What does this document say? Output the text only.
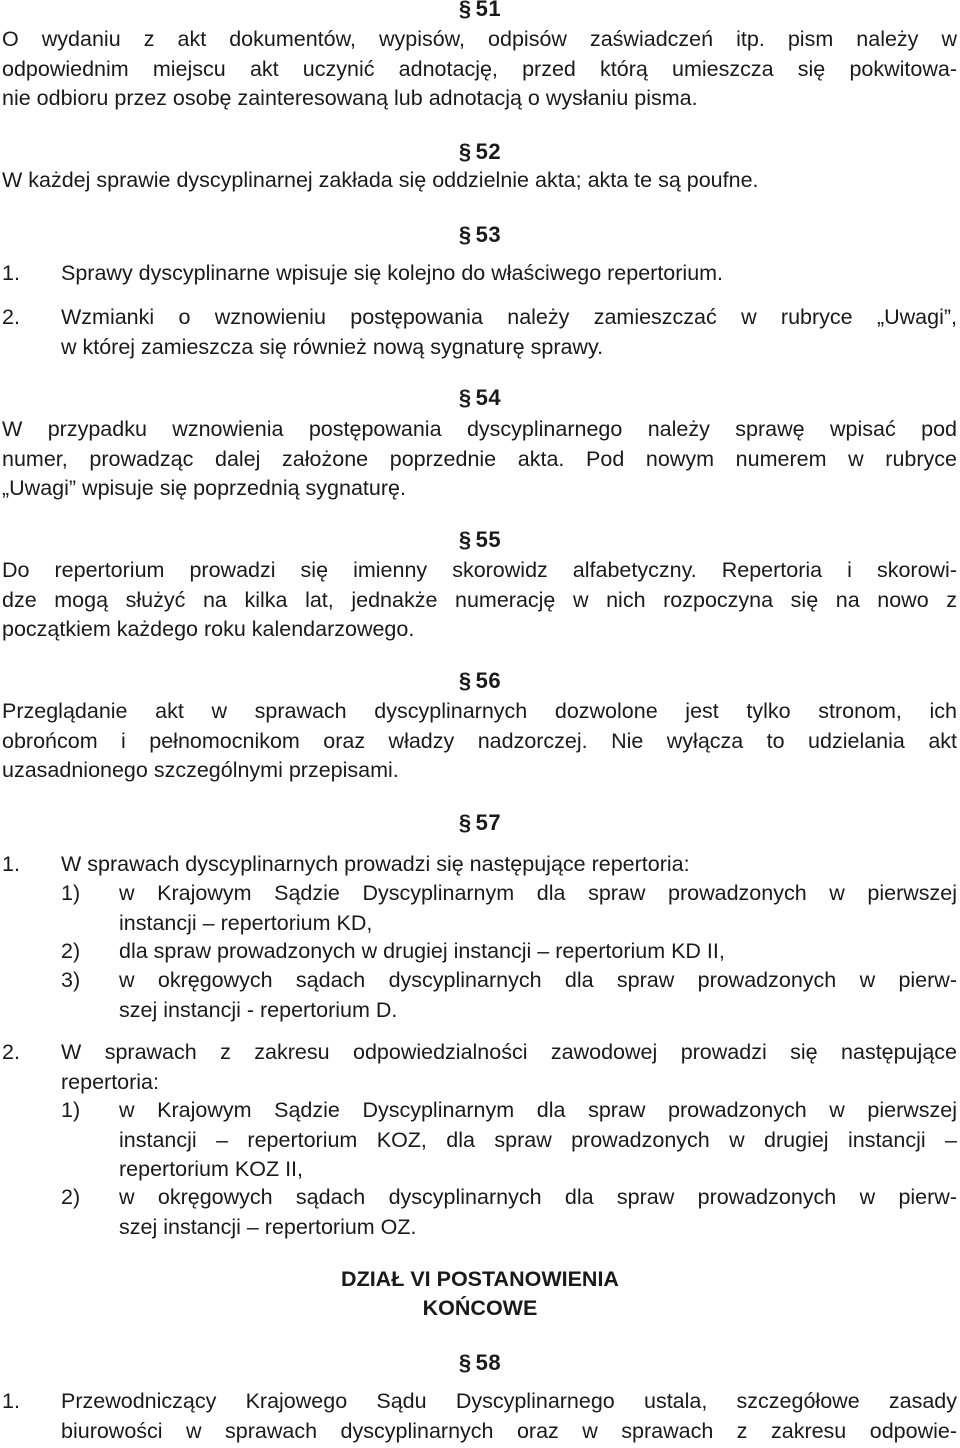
§ 51

O wydaniu z akt dokumentów, wypisów, odpisów zaświadczeń itp. pism należy w

odpowiednim miejscu akt uczynić adnotację, przed którą umieszcza się pokwitowa-

nie odbioru przez osobę zainteresowaną lub adnotacją o wysłaniu pisma.

§ 52

W każdej sprawie dyscyplinarnej zakłada się oddzielnie akta; akta te są poufne.

§ 53
1. Sprawy dyscyplinarne wpisuje się kolejno do właściwego repertorium.

2. Wzmianki o wznowieniu postępowania należy zamieszczać w rubryce „Uwagi”,

w której zamieszcza się również nową sygnaturę sprawy.

§ 54

W przypadku wznowienia postępowania dyscyplinarnego należy sprawę wpisać pod

numer, prowadząc dalej założone poprzednie akta. Pod nowym numerem w rubryce

„Uwagi” wpisuje się poprzednią sygnaturę.

§ 55

Do repertorium prowadzi się imienny skorowidz alfabetyczny. Repertoria i skorowi-

dze mogą służyć na kilka lat, jednakże numerację w nich rozpoczyna się na nowo z

początkiem każdego roku kalendarzowego.

§ 56

Przeglądanie akt w sprawach dyscyplinarnych dozwolone jest tylko stronom, ich

obrońcom i pełnomocnikom oraz władzy nadzorczej. Nie wyłącza to udzielania akt

uzasadnionego szczególnymi przepisami.

§ 57
1. W sprawach dyscyplinarnych prowadzi się następujące repertoria:
1) w Krajowym Sądzie Dyscyplinarnym dla spraw prowadzonych w pierwszej

instancji – repertorium KD,

2) dla spraw prowadzonych w drugiej instancji – repertorium KD II,

3) w okręgowych sądach dyscyplinarnych dla spraw prowadzonych w pierw-

szej instancji - repertorium D.

2. W sprawach z zakresu odpowiedzialności zawodowej prowadzi się następujące

repertoria:

1) w Krajowym Sądzie Dyscyplinarnym dla spraw prowadzonych w pierwszej

instancji – repertorium KOZ, dla spraw prowadzonych w drugiej instancji –

repertorium KOZ II,

2) w okręgowych sądach dyscyplinarnych dla spraw prowadzonych w pierw-

szej instancji – repertorium OZ.

DZIAŁ VI POSTANOWIENIA
KOŃCOWE
§ 58
1. Przewodniczący Krajowego Sądu Dyscyplinarnego ustala, szczegółowe zasady

biurowości w sprawach dyscyplinarnych oraz w sprawach z zakresu odpowie-
